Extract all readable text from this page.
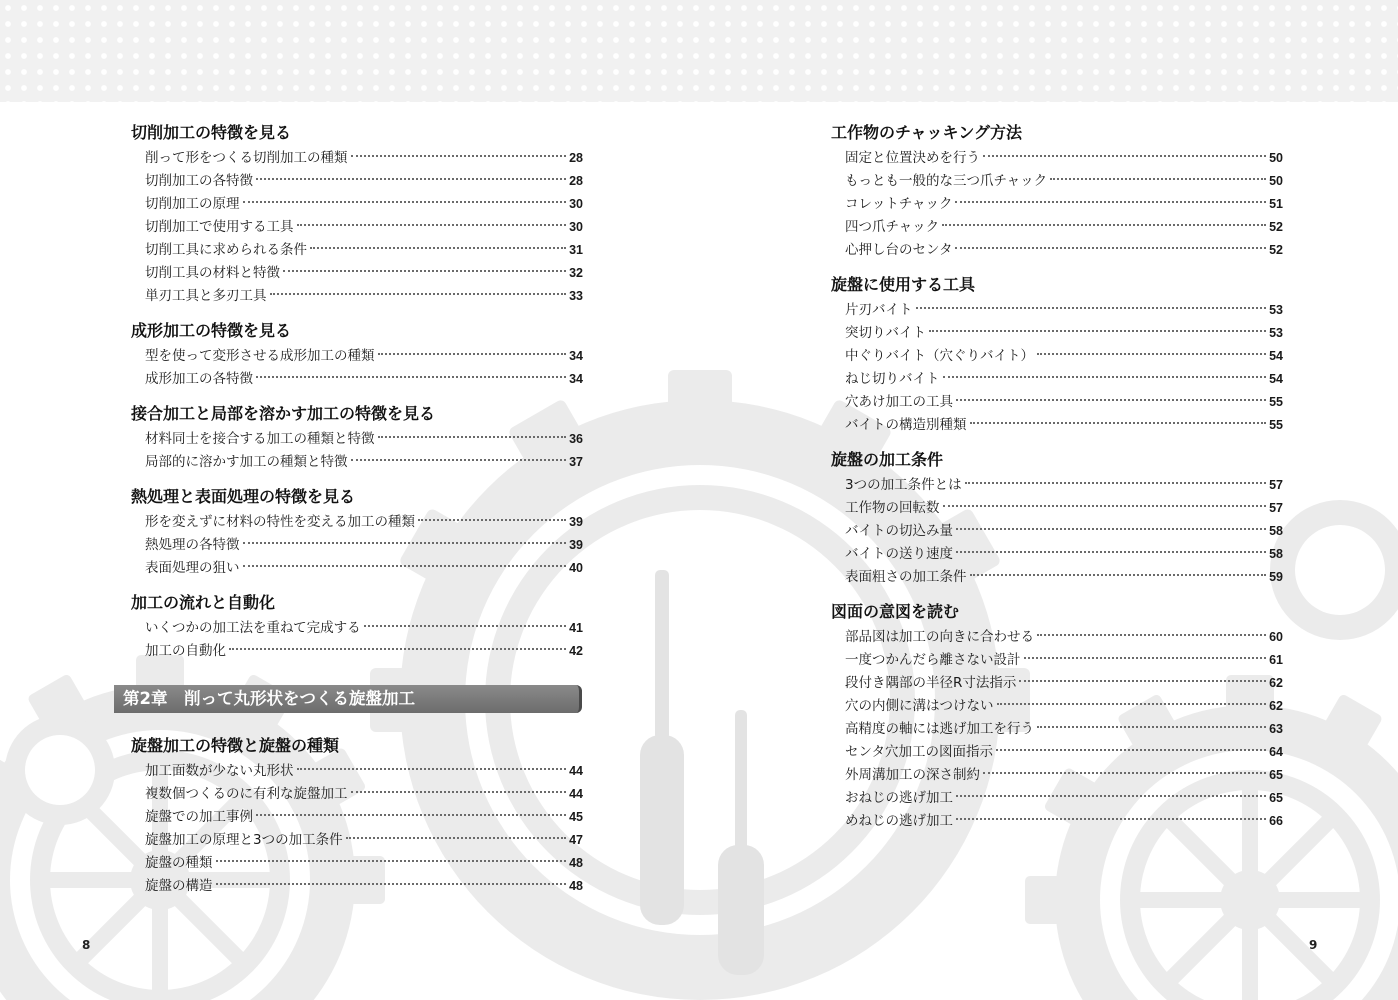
切削加工の特徴を見る
削って形をつくる切削加工の種類	28
切削加工の各特徴	28
切削加工の原理	30
切削加工で使用する工具	30
切削工具に求められる条件	31
切削工具の材料と特徴	32
単刃工具と多刃工具	33
成形加工の特徴を見る
型を使って変形させる成形加工の種類	34
成形加工の各特徴	34
接合加工と局部を溶かす加工の特徴を見る
材料同士を接合する加工の種類と特徴	36
局部的に溶かす加工の種類と特徴	37
熱処理と表面処理の特徴を見る
形を変えずに材料の特性を変える加工の種類	39
熱処理の各特徴	39
表面処理の狙い	40
加工の流れと自動化
いくつかの加工法を重ねて完成する	41
加工の自動化	42
第2章　削って丸形状をつくる旋盤加工
旋盤加工の特徴と旋盤の種類
加工面数が少ない丸形状	44
複数個つくるのに有利な旋盤加工	44
旋盤での加工事例	45
旋盤加工の原理と3つの加工条件	47
旋盤の種類	48
旋盤の構造	48
工作物のチャッキング方法
固定と位置決めを行う	50
もっとも一般的な三つ爪チャック	50
コレットチャック	51
四つ爪チャック	52
心押し台のセンタ	52
旋盤に使用する工具
片刃バイト	53
突切りバイト	53
中ぐりバイト（穴ぐりバイト）	54
ねじ切りバイト	54
穴あけ加工の工具	55
バイトの構造別種類	55
旋盤の加工条件
3つの加工条件とは	57
工作物の回転数	57
バイトの切込み量	58
バイトの送り速度	58
表面粗さの加工条件	59
図面の意図を読む
部品図は加工の向きに合わせる	60
一度つかんだら離さない設計	61
段付き隅部の半径R寸法指示	62
穴の内側に溝はつけない	62
高精度の軸には逃げ加工を行う	63
センタ穴加工の図面指示	64
外周溝加工の深さ制約	65
おねじの逃げ加工	65
めねじの逃げ加工	66
8	9
